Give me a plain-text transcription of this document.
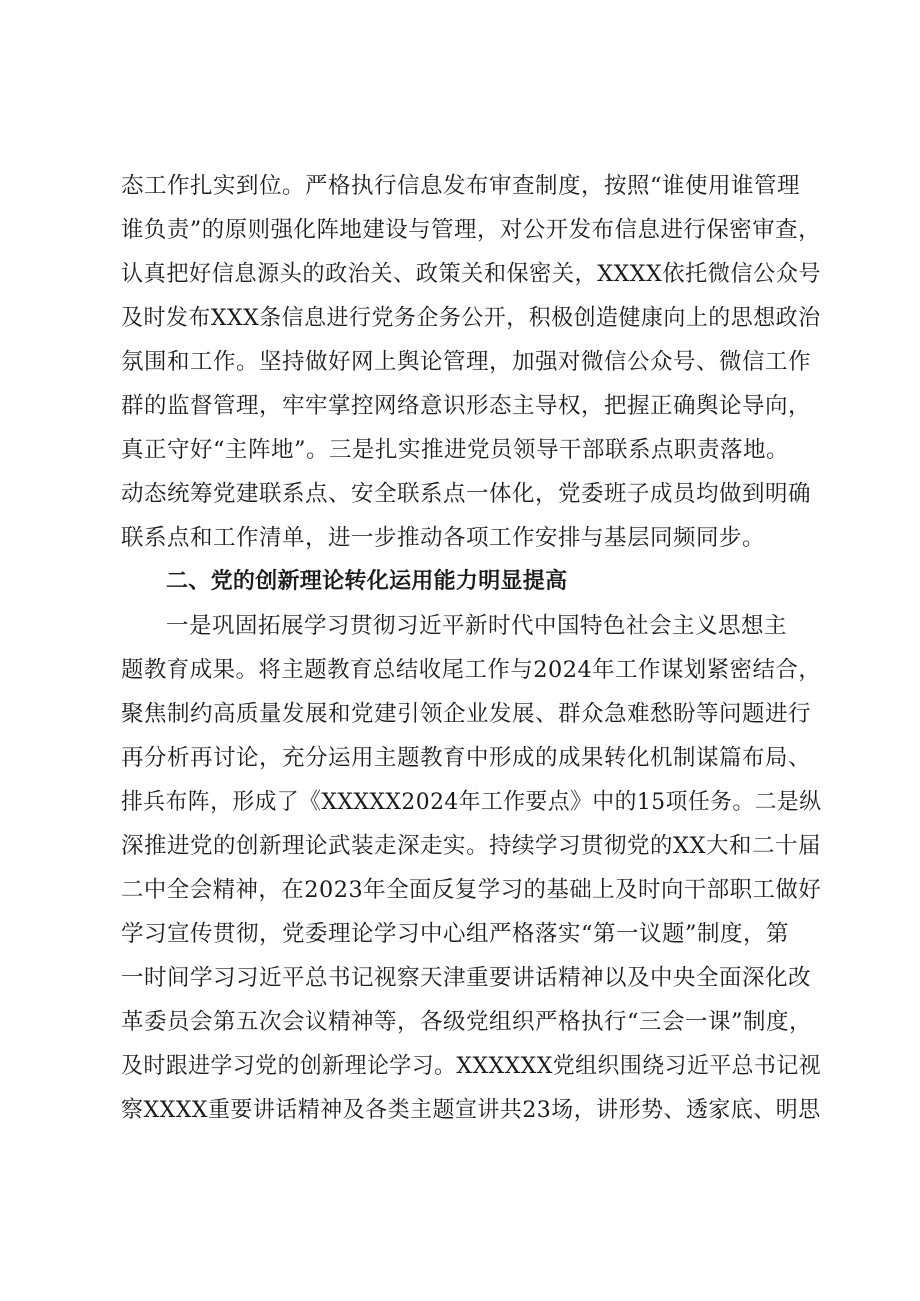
态工作扎实到位。严格执行信息发布审查制度，按照“谁使用谁管理
谁负责”的原则强化阵地建设与管理，对公开发布信息进行保密审查，
认真把好信息源头的政治关、政策关和保密关，XXXX依托微信公众号
及时发布XXX条信息进行党务企务公开，积极创造健康向上的思想政治
氛围和工作。坚持做好网上舆论管理，加强对微信公众号、微信工作
群的监督管理，牢牢掌控网络意识形态主导权，把握正确舆论导向，
真正守好“主阵地”。三是扎实推进党员领导干部联系点职责落地。
动态统筹党建联系点、安全联系点一体化，党委班子成员均做到明确
联系点和工作清单，进一步推动各项工作安排与基层同频同步。
二、党的创新理论转化运用能力明显提高
一是巩固拓展学习贯彻习近平新时代中国特色社会主义思想主
题教育成果。将主题教育总结收尾工作与2024年工作谋划紧密结合，
聚焦制约高质量发展和党建引领企业发展、群众急难愁盼等问题进行
再分析再讨论，充分运用主题教育中形成的成果转化机制谋篇布局、
排兵布阵，形成了《XXXXX2024年工作要点》中的15项任务。二是纵
深推进党的创新理论武装走深走实。持续学习贯彻党的XX大和二十届
二中全会精神，在2023年全面反复学习的基础上及时向干部职工做好
学习宣传贯彻，党委理论学习中心组严格落实“第一议题”制度，第
一时间学习习近平总书记视察天津重要讲话精神以及中央全面深化改
革委员会第五次会议精神等，各级党组织严格执行“三会一课”制度，
及时跟进学习党的创新理论学习。XXXXXX党组织围绕习近平总书记视
察XXXX重要讲话精神及各类主题宣讲共23场，讲形势、透家底、明思
